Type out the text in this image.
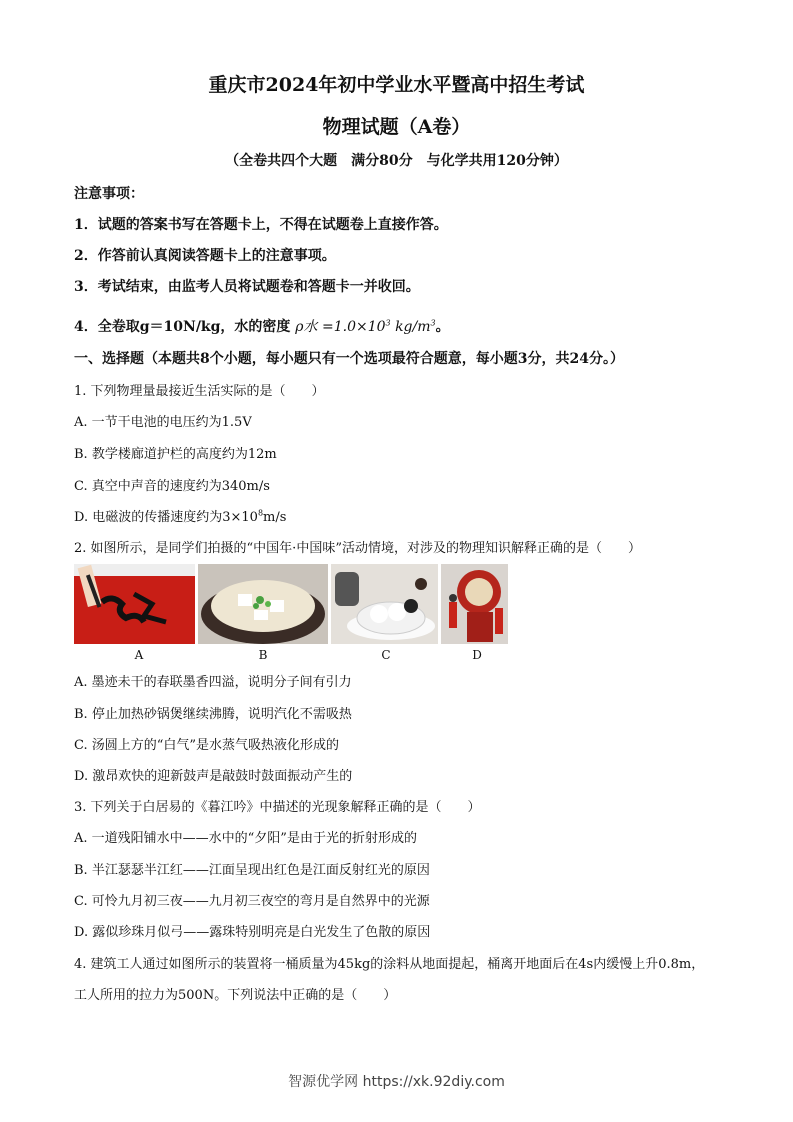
重庆市2024年初中学业水平暨高中招生考试
物理试题（A卷）
（全卷共四个大题　满分80分　与化学共用120分钟）
注意事项：
1．试题的答案书写在答题卡上，不得在试题卷上直接作答。
2．作答前认真阅读答题卡上的注意事项。
3．考试结束，由监考人员将试题卷和答题卡一并收回。
4．全卷取g＝10N/kg，水的密度 ρ水 $=1.0\times 10^3$ $kg/m^3$。
一、选择题（本题共8个小题，每小题只有一个选项最符合题意，每小题3分，共24分。）
1. 下列物理量最接近生活实际的是（　　）
A. 一节干电池的电压约为1.5V
B. 教学楼廊道护栏的高度约为12m
C. 真空中声音的速度约为340m/s
D. 电磁波的传播速度约为$3\times 10^8m/s$
2. 如图所示，是同学们拍摄的“中国年·中国味”活动情境，对涉及的物理知识解释正确的是（　　）
A	B	C	D
A. 墨迹未干的春联墨香四溢，说明分子间有引力
B. 停止加热砂锅煲继续沸腾，说明汽化不需吸热
C. 汤圆上方的“白气”是水蒸气吸热液化形成的
D. 激昂欢快的迎新鼓声是敲鼓时鼓面振动产生的
3. 下列关于白居易的《暮江吟》中描述的光现象解释正确的是（　　）
A. 一道残阳铺水中——水中的“夕阳”是由于光的折射形成的
B. 半江瑟瑟半江红——江面呈现出红色是江面反射红光的原因
C. 可怜九月初三夜——九月初三夜空的弯月是自然界中的光源
D. 露似珍珠月似弓——露珠特别明亮是白光发生了色散的原因
4. 建筑工人通过如图所示的装置将一桶质量为45kg的涂料从地面提起，桶离开地面后在4s内缓慢上升0.8m，
工人所用的拉力为500N。下列说法中正确的是（　　）
智源优学网 https://xk.92diy.com
